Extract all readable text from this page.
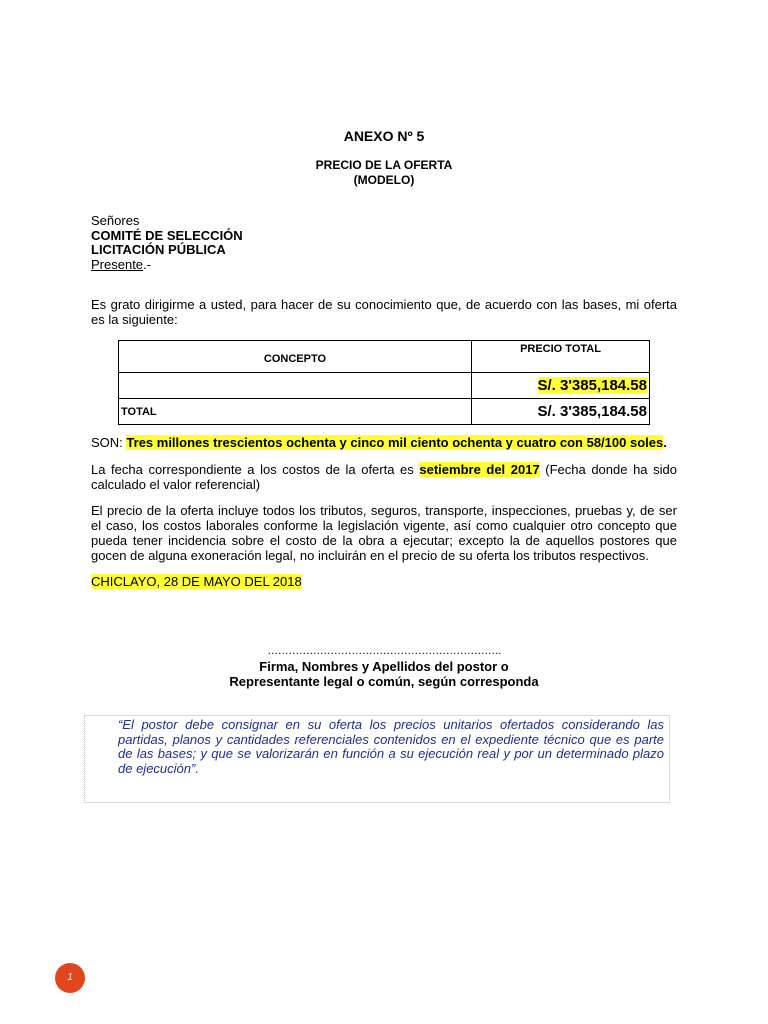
ANEXO Nº 5
PRECIO DE LA OFERTA
(MODELO)
Señores
COMITÉ DE SELECCIÓN
LICITACIÓN PÚBLICA
Presente.-
Es grato dirigirme a usted, para hacer de su conocimiento que, de acuerdo con las bases, mi oferta es la siguiente:
CONCEPTO	PRECIO TOTAL
	S/. 3'385,184.58
TOTAL	S/. 3'385,184.58
SON: Tres millones trescientos ochenta y cinco mil ciento ochenta y cuatro con 58/100 soles.
La fecha correspondiente a los costos de la oferta es setiembre del 2017 (Fecha donde ha sido calculado el valor referencial)
El precio de la oferta incluye todos los tributos, seguros, transporte, inspecciones, pruebas y, de ser el caso, los costos laborales conforme la legislación vigente, así como cualquier otro concepto que pueda tener incidencia sobre el costo de la obra a ejecutar; excepto la de aquellos postores que gocen de alguna exoneración legal, no incluirán en el precio de su oferta los tributos respectivos.
CHICLAYO, 28 DE MAYO DEL 2018
………………………………………………………….
Firma, Nombres y Apellidos del postor o
Representante legal o común, según corresponda

“El postor debe consignar en su oferta los precios unitarios ofertados considerando las partidas, planos y cantidades referenciales contenidos en el expediente técnico que es parte de las bases; y que se valorizarán en función a su ejecución real y por un determinado plazo de ejecución”.

1
